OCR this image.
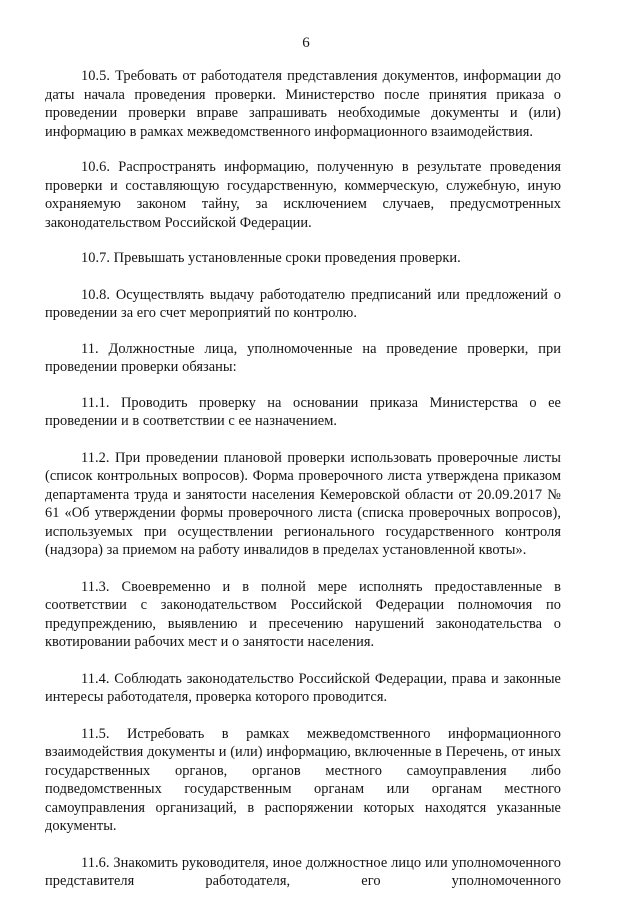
6

10.5. Требовать от работодателя представления документов, информации до даты начала проведения проверки. Министерство после принятия приказа о проведении проверки вправе запрашивать необходимые документы и (или) информацию в рамках межведомственного информационного взаимодействия.

10.6. Распространять информацию, полученную в результате проведения проверки и составляющую государственную, коммерческую, служебную, иную охраняемую законом тайну, за исключением случаев, предусмотренных законодательством Российской Федерации.

10.7. Превышать установленные сроки проведения проверки.

10.8. Осуществлять выдачу работодателю предписаний или предложений о проведении за его счет мероприятий по контролю.

11. Должностные лица, уполномоченные на проведение проверки, при проведении проверки обязаны:

11.1. Проводить проверку на основании приказа Министерства о ее проведении и в соответствии с ее назначением.

11.2. При проведении плановой проверки использовать проверочные листы (список контрольных вопросов). Форма проверочного листа утверждена приказом департамента труда и занятости населения Кемеровской области от 20.09.2017 № 61 «Об утверждении формы проверочного листа (списка проверочных вопросов), используемых при осуществлении регионального государственного контроля (надзора) за приемом на работу инвалидов в пределах установленной квоты».

11.3. Своевременно и в полной мере исполнять предоставленные в соответствии с законодательством Российской Федерации полномочия по предупреждению, выявлению и пресечению нарушений законодательства о квотировании рабочих мест и о занятости населения.

11.4. Соблюдать законодательство Российской Федерации, права и законные интересы работодателя, проверка которого проводится.

11.5. Истребовать в рамках межведомственного информационного взаимодействия документы и (или) информацию, включенные в Перечень, от иных государственных органов, органов местного самоуправления либо подведомственных государственным органам или органам местного самоуправления организаций, в распоряжении которых находятся указанные документы.

11.6. Знакомить руководителя, иное должностное лицо или уполномоченного представителя работодателя, его уполномоченного
